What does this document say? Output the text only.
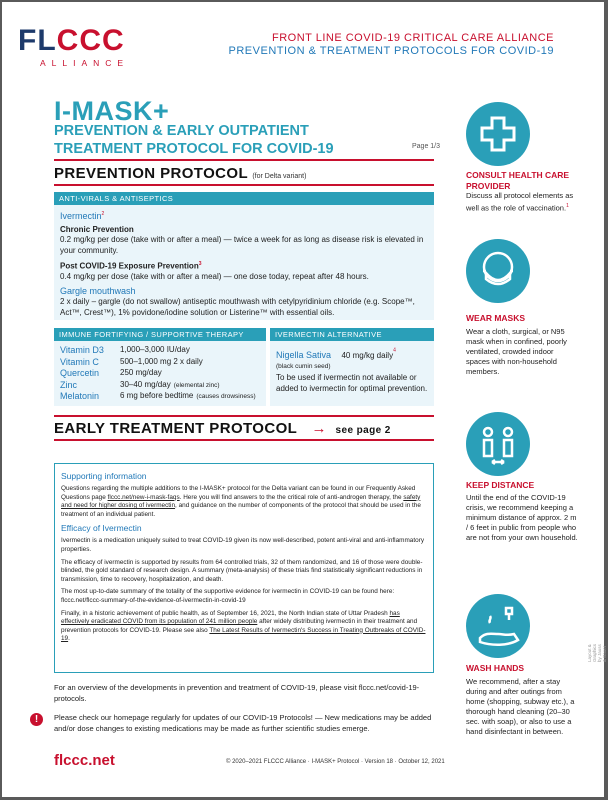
FLCCC
ALLIANCE
FRONT LINE COVID-19 CRITICAL CARE ALLIANCE
PREVENTION & TREATMENT PROTOCOLS FOR COVID-19
I-MASK+
PREVENTION & EARLY OUTPATIENT
TREATMENT PROTOCOL FOR COVID-19	Page 1/3
PREVENTION PROTOCOL (for Delta variant)
ANTI-VIRALS & ANTISEPTICS
Ivermectin$^2$
Chronic Prevention
0.2 mg/kg per dose (take with or after a meal) — twice a week for as long as disease risk is elevated in your community.
Post COVID-19 Exposure Prevention$^3$
0.4 mg/kg per dose (take with or after a meal) — one dose today, repeat after 48 hours.
Gargle mouthwash
2 x daily – gargle (do not swallow) antiseptic mouthwash with cetylpyridinium chloride (e.g. Scope™, Act™, Crest™), 1% povidone/iodine solution or Listerine™ with essential oils.
IMMUNE FORTIFYING / SUPPORTIVE THERAPY
Vitamin D3	1,000–3,000 IU/day
Vitamin C	500–1,000 mg 2 x daily
Quercetin	250 mg/day
Zinc	30–40 mg/day (elemental zinc)
Melatonin	6 mg before bedtime (causes drowsiness)
IVERMECTIN ALTERNATIVE
Nigella Sativa 40 mg/kg daily$^4$
(black cumin seed)
To be used if ivermectin not available or added to ivermectin for optimal prevention.
EARLY TREATMENT PROTOCOL → see page 2
Supporting information

Questions regarding the multiple additions to the I-MASK+ protocol for the Delta variant can be found in our Frequently Asked Questions page flccc.net/new-i-mask-faqs. Here you will find answers to the the critical role of anti-androgen therapy, the safety and need for higher dosing of ivermectin, and guidance on the number of components of the protocol that should be used in the treatment of an individual patient.

Efficacy of Ivermectin

Ivermectin is a medication uniquely suited to treat COVID-19 given its now well-described, potent anti-viral and anti-inflammatory properties.

The efficacy of ivermectin is supported by results from 64 controlled trials, 32 of them randomized, and 16 of those were double-blinded, the gold standard of research design. A summary (meta-analysis) of these trials find statistically significant reductions in transmission, time to recovery, hospitalization, and death.

The most up-to-date summary of the totality of the supportive evidence for ivermectin in COVID-19 can be found here: flccc.net/flccc-summary-of-the-evidence-of-ivermectin-in-covid-19

Finally, in a historic achievement of public health, as of September 16, 2021, the North Indian state of Uttar Pradesh has effectively eradicated COVID from its population of 241 million people after widely distributing ivermectin in their treatment and prevention protocols for COVID-19. Please see also The Latest Results of Ivermectin's Success in Treating Outbreaks of COVID-19.

For an overview of the developments in prevention and treatment of COVID-19, please visit flccc.net/covid-19-protocols.
!	Please check our homepage regularly for updates of our COVID-19 Protocols! — New medications may be added and/or dose changes to existing medications may be made as further scientific studies emerge.
flccc.net	© 2020–2021 FLCCC Alliance · I-MASK+ Protocol · Version 18 · October 12, 2021
Layout & Graphics by Jauss & Bauer
CONSULT HEALTH CARE PROVIDER
Discuss all protocol elements as well as the role of vaccination.$^1$
WEAR MASKS
Wear a cloth, surgical, or N95 mask when in confined, poorly ventilated, crowded indoor spaces with non-household members.
KEEP DISTANCE
Until the end of the COVID-19 crisis, we recommend keeping a minimum distance of approx. 2 m / 6 feet in public from people who are not from your own household.
WASH HANDS
We recommend, after a stay during and after outings from home (shopping, subway etc.), a thorough hand cleaning (20–30 sec. with soap), or also to use a hand disinfectant in between.
